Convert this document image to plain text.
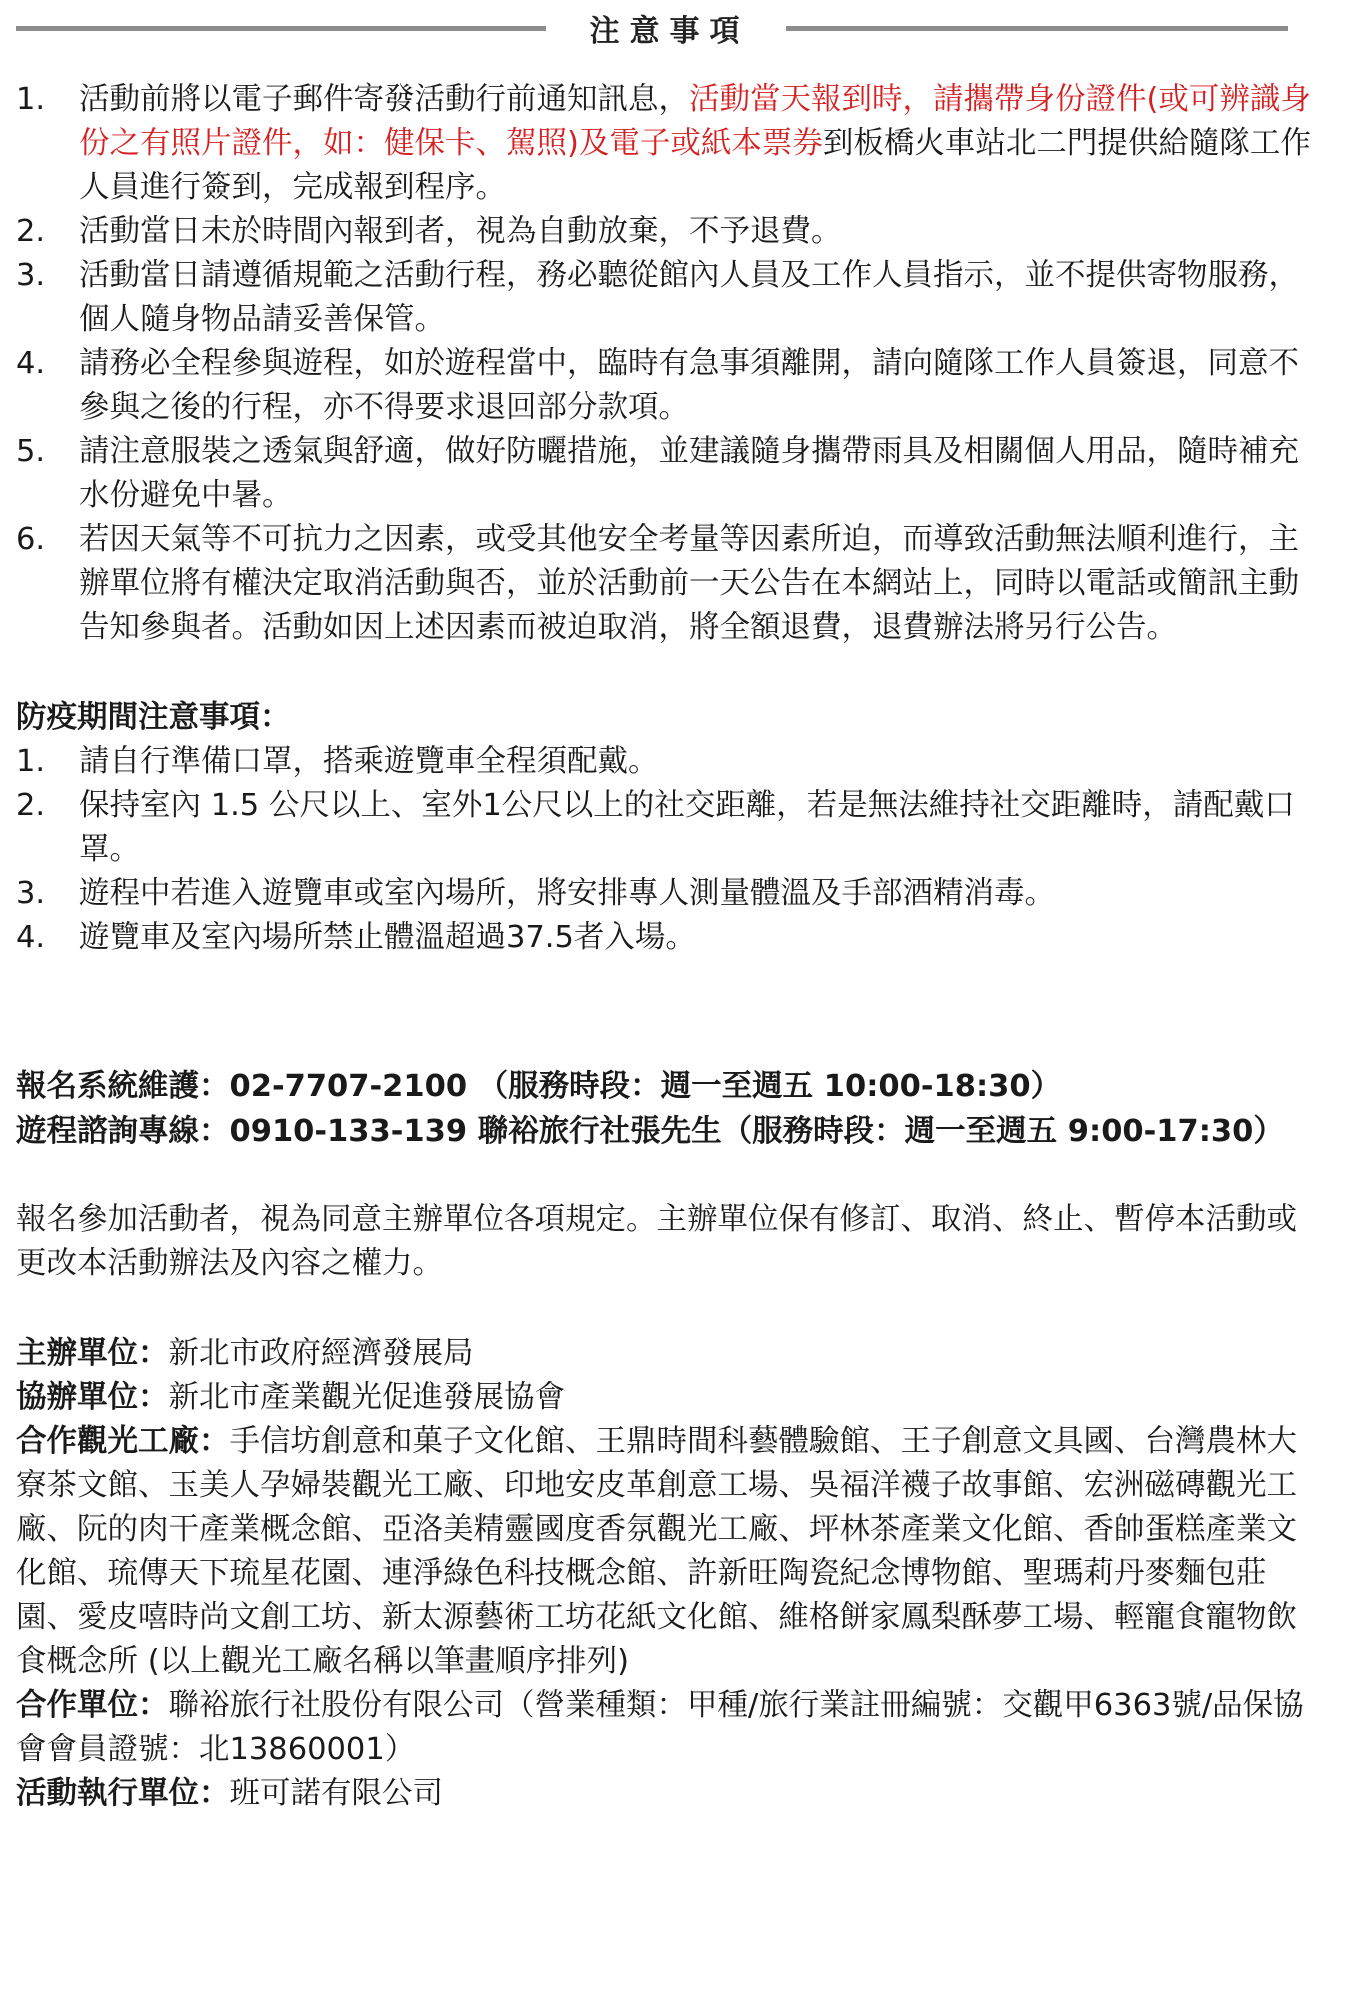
注意事項
1.	活動前將以電子郵件寄發活動行前通知訊息，活動當天報到時，請攜帶身份證件(或可辨識身份之有照片證件，如：健保卡、駕照)及電子或紙本票券到板橋火車站北二門提供給隨隊工作人員進行簽到，完成報到程序。
2.	活動當日未於時間內報到者，視為自動放棄，不予退費。
3.	活動當日請遵循規範之活動行程，務必聽從館內人員及工作人員指示，並不提供寄物服務，個人隨身物品請妥善保管。
4.	請務必全程參與遊程，如於遊程當中，臨時有急事須離開，請向隨隊工作人員簽退，同意不參與之後的行程，亦不得要求退回部分款項。
5.	請注意服裝之透氣與舒適，做好防曬措施，並建議隨身攜帶雨具及相關個人用品，隨時補充水份避免中暑。
6.	若因天氣等不可抗力之因素，或受其他安全考量等因素所迫，而導致活動無法順利進行，主辦單位將有權決定取消活動與否，並於活動前一天公告在本網站上，同時以電話或簡訊主動告知參與者。活動如因上述因素而被迫取消，將全額退費，退費辦法將另行公告。
防疫期間注意事項：
1. 請自行準備口罩，搭乘遊覽車全程須配戴。
2. 保持室內 1.5 公尺以上、室外1公尺以上的社交距離，若是無法維持社交距離時，請配戴口罩。
3. 遊程中若進入遊覽車或室內場所，將安排專人測量體溫及手部酒精消毒。
4. 遊覽車及室內場所禁止體溫超過37.5者入場。
報名系統維護：02-7707-2100 （服務時段：週一至週五 10:00-18:30）
遊程諮詢專線：0910-133-139 聯裕旅行社張先生（服務時段：週一至週五 9:00-17:30）
報名參加活動者，視為同意主辦單位各項規定。主辦單位保有修訂、取消、終止、暫停本活動或更改本活動辦法及內容之權力。
主辦單位：新北市政府經濟發展局
協辦單位：新北市產業觀光促進發展協會
合作觀光工廠：手信坊創意和菓子文化館、王鼎時間科藝體驗館、王子創意文具國、台灣農林大寮茶文館、玉美人孕婦裝觀光工廠、印地安皮革創意工場、吳福洋襪子故事館、宏洲磁磚觀光工廠、阮的肉干產業概念館、亞洛美精靈國度香氛觀光工廠、坪林茶產業文化館、香帥蛋糕產業文化館、琉傳天下琉星花園、連淨綠色科技概念館、許新旺陶瓷紀念博物館、聖瑪莉丹麥麵包莊園、愛皮嘻時尚文創工坊、新太源藝術工坊花紙文化館、維格餅家鳳梨酥夢工場、輕寵食寵物飲食概念所 (以上觀光工廠名稱以筆畫順序排列)
合作單位：聯裕旅行社股份有限公司（營業種類：甲種/旅行業註冊編號：交觀甲6363號/品保協會會員證號：北13860001）
活動執行單位：班可諾有限公司
